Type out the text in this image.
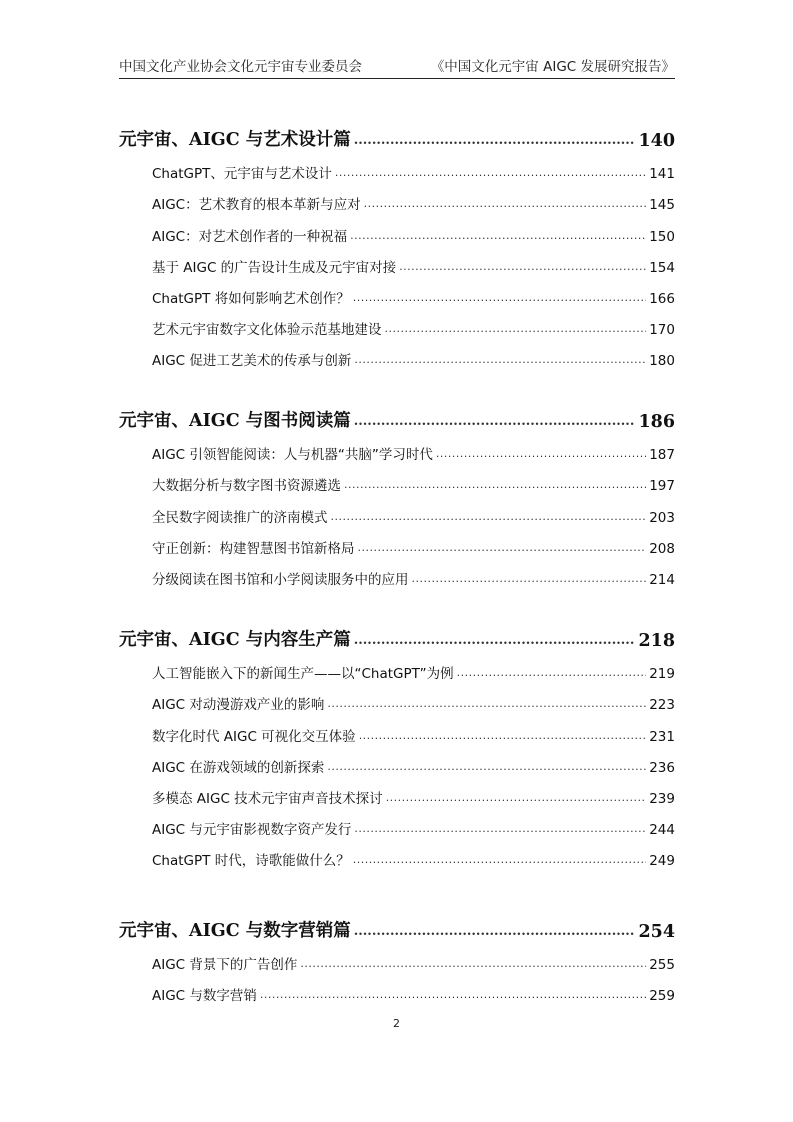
中国文化产业协会文化元宇宙专业委员会	《中国文化元宇宙 AIGC 发展研究报告》
元宇宙、AIGC 与艺术设计篇 .....	140
ChatGPT、元宇宙与艺术设计 .....	141
AIGC：艺术教育的根本革新与应对 .....	145
AIGC：对艺术创作者的一种祝福 .....	150
基于 AIGC 的广告设计生成及元宇宙对接 .....	154
ChatGPT 将如何影响艺术创作？ .....	166
艺术元宇宙数字文化体验示范基地建设 .....	170
AIGC 促进工艺美术的传承与创新 .....	180
元宇宙、AIGC 与图书阅读篇 .....	186
AIGC 引领智能阅读：人与机器“共脑”学习时代 .....	187
大数据分析与数字图书资源遴选 .....	197
全民数字阅读推广的济南模式 .....	203
守正创新：构建智慧图书馆新格局 .....	208
分级阅读在图书馆和小学阅读服务中的应用 .....	214
元宇宙、AIGC 与内容生产篇 .....	218
人工智能嵌入下的新闻生产——以“ChatGPT”为例 .....	219
AIGC 对动漫游戏产业的影响 .....	223
数字化时代 AIGC 可视化交互体验 .....	231
AIGC 在游戏领域的创新探索 .....	236
多模态 AIGC 技术元宇宙声音技术探讨 .....	239
AIGC 与元宇宙影视数字资产发行 .....	244
ChatGPT 时代，诗歌能做什么？ .....	249
元宇宙、AIGC 与数字营销篇 .....	254
AIGC 背景下的广告创作 .....	255
AIGC 与数字营销 .....	259
2
